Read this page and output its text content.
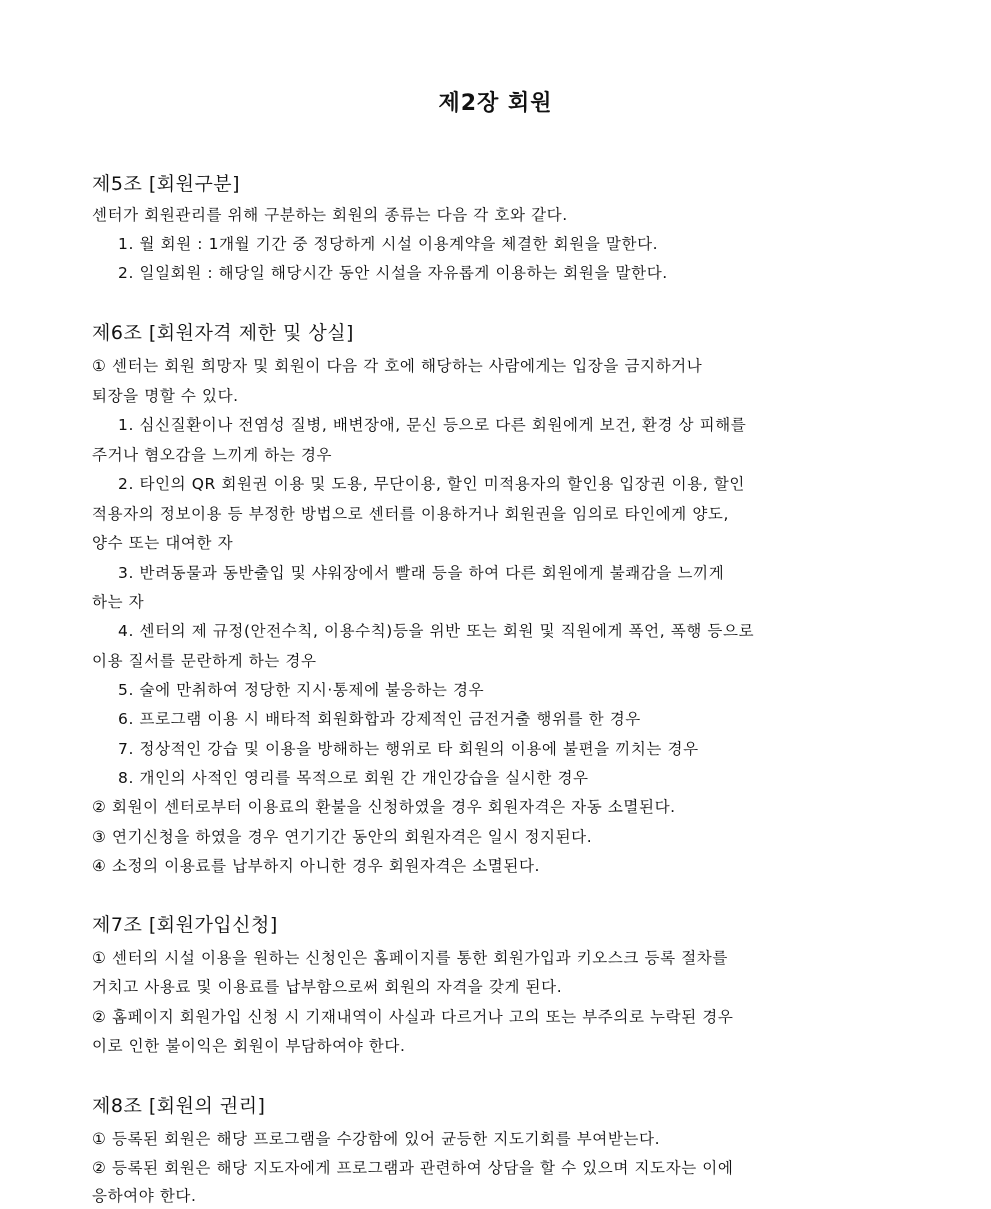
제2장 회원
제5조 [회원구분]
센터가 회원관리를 위해 구분하는 회원의 종류는 다음 각 호와 같다.
1. 월 회원 : 1개월 기간 중 정당하게 시설 이용계약을 체결한 회원을 말한다.
2. 일일회원 : 해당일 해당시간 동안 시설을 자유롭게 이용하는 회원을 말한다.
제6조 [회원자격 제한 및 상실]
① 센터는 회원 희망자 및 회원이 다음 각 호에 해당하는 사람에게는 입장을 금지하거나
퇴장을 명할 수 있다.
1. 심신질환이나 전염성 질병, 배변장애, 문신 등으로 다른 회원에게 보건, 환경 상 피해를
주거나 혐오감을 느끼게 하는 경우
2. 타인의 QR 회원권 이용 및 도용, 무단이용, 할인 미적용자의 할인용 입장권 이용, 할인
적용자의 정보이용 등 부정한 방법으로 센터를 이용하거나 회원권을 임의로 타인에게 양도,
양수 또는 대여한 자
3. 반려동물과 동반출입 및 샤워장에서 빨래 등을 하여 다른 회원에게 불쾌감을 느끼게
하는 자
4. 센터의 제 규정(안전수칙, 이용수칙)등을 위반 또는 회원 및 직원에게 폭언, 폭행 등으로
이용 질서를 문란하게 하는 경우
5. 술에 만취하여 정당한 지시·통제에 불응하는 경우
6. 프로그램 이용 시 배타적 회원화합과 강제적인 금전거출 행위를 한 경우
7. 정상적인 강습 및 이용을 방해하는 행위로 타 회원의 이용에 불편을 끼치는 경우
8. 개인의 사적인 영리를 목적으로 회원 간 개인강습을 실시한 경우
② 회원이 센터로부터 이용료의 환불을 신청하였을 경우 회원자격은 자동 소멸된다.
③ 연기신청을 하였을 경우 연기기간 동안의 회원자격은 일시 정지된다.
④ 소정의 이용료를 납부하지 아니한 경우 회원자격은 소멸된다.
제7조 [회원가입신청]
① 센터의 시설 이용을 원하는 신청인은 홈페이지를 통한 회원가입과 키오스크 등록 절차를
거치고 사용료 및 이용료를 납부함으로써 회원의 자격을 갖게 된다.
② 홈페이지 회원가입 신청 시 기재내역이 사실과 다르거나 고의 또는 부주의로 누락된 경우
이로 인한 불이익은 회원이 부담하여야 한다.
제8조 [회원의 권리]
① 등록된 회원은 해당 프로그램을 수강함에 있어 균등한 지도기회를 부여받는다.
② 등록된 회원은 해당 지도자에게 프로그램과 관련하여 상담을 할 수 있으며 지도자는 이에
응하여야 한다.
